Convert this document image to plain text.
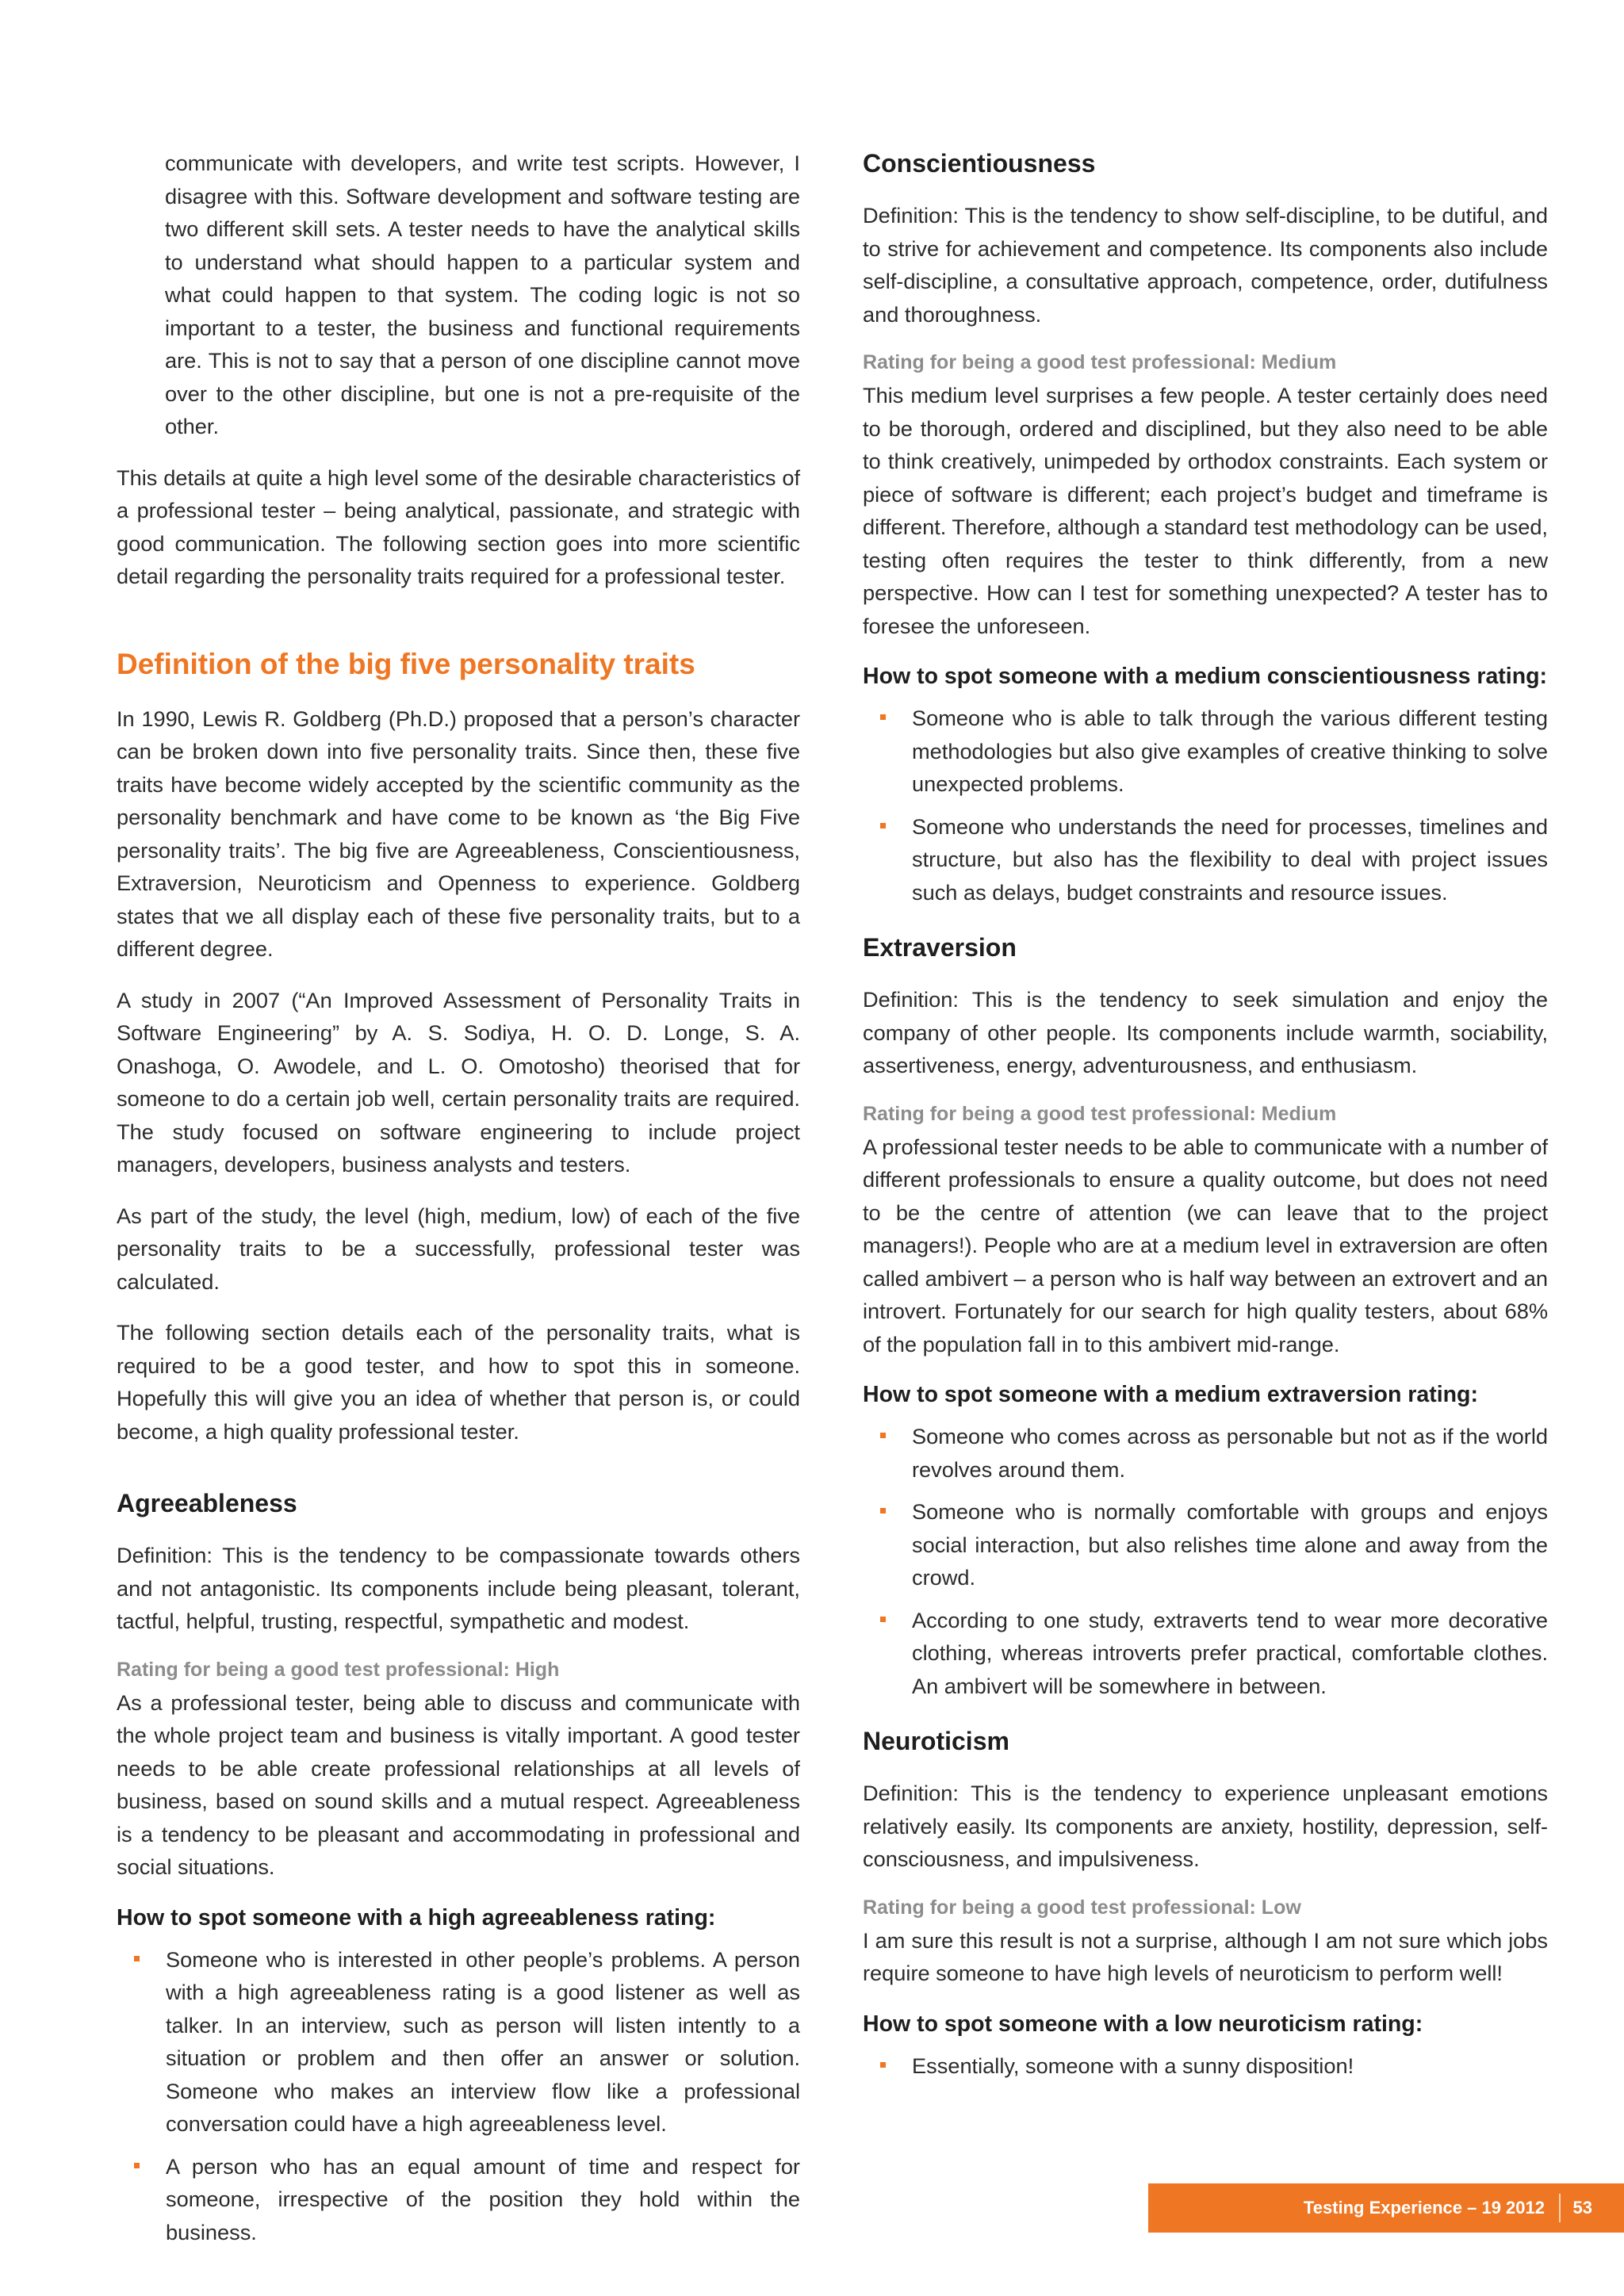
communicate with developers, and write test scripts. However, I disagree with this. Software development and software testing are two different skill sets. A tester needs to have the analytical skills to understand what should happen to a particular system and what could happen to that system. The coding logic is not so important to a tester, the business and functional requirements are. This is not to say that a person of one discipline cannot move over to the other discipline, but one is not a pre-requisite of the other.

This details at quite a high level some of the desirable characteristics of a professional tester – being analytical, passionate, and strategic with good communication. The following section goes into more scientific detail regarding the personality traits required for a professional tester.

Definition of the big five personality traits

In 1990, Lewis R. Goldberg (Ph.D.) proposed that a person’s character can be broken down into five personality traits. Since then, these five traits have become widely accepted by the scientific community as the personality benchmark and have come to be known as ‘the Big Five personality traits’. The big five are Agreeableness, Conscientiousness, Extraversion, Neuroticism and Openness to experience. Goldberg states that we all display each of these five personality traits, but to a different degree.

A study in 2007 (“An Improved Assessment of Personality Traits in Software Engineering” by A. S. Sodiya, H. O. D. Longe, S. A. Onashoga, O. Awodele, and L. O. Omotosho) theorised that for someone to do a certain job well, certain personality traits are required. The study focused on software engineering to include project managers, developers, business analysts and testers.

As part of the study, the level (high, medium, low) of each of the five personality traits to be a successfully, professional tester was calculated.

The following section details each of the personality traits, what is required to be a good tester, and how to spot this in someone. Hopefully this will give you an idea of whether that person is, or could become, a high quality professional tester.

Agreeableness

Definition: This is the tendency to be compassionate towards others and not antagonistic. Its components include being pleasant, tolerant, tactful, helpful, trusting, respectful, sympathetic and modest.

Rating for being a good test professional: High

As a professional tester, being able to discuss and communicate with the whole project team and business is vitally important. A good tester needs to be able create professional relationships at all levels of business, based on sound skills and a mutual respect. Agreeableness is a tendency to be pleasant and accommodating in professional and social situations.

How to spot someone with a high agreeableness rating:

Someone who is interested in other people’s problems. A person with a high agreeableness rating is a good listener as well as talker. In an interview, such as person will listen intently to a situation or problem and then offer an answer or solution. Someone who makes an interview flow like a professional conversation could have a high agreeableness level.

A person who has an equal amount of time and respect for someone, irrespective of the position they hold within the business.

Conscientiousness

Definition: This is the tendency to show self-discipline, to be dutiful, and to strive for achievement and competence. Its components also include self-discipline, a consultative approach, competence, order, dutifulness and thoroughness.

Rating for being a good test professional: Medium

This medium level surprises a few people. A tester certainly does need to be thorough, ordered and disciplined, but they also need to be able to think creatively, unimpeded by orthodox constraints. Each system or piece of software is different; each project’s budget and timeframe is different. Therefore, although a standard test methodology can be used, testing often requires the tester to think differently, from a new perspective. How can I test for something unexpected? A tester has to foresee the unforeseen.

How to spot someone with a medium conscientiousness rating:

Someone who is able to talk through the various different testing methodologies but also give examples of creative thinking to solve unexpected problems.

Someone who understands the need for processes, timelines and structure, but also has the flexibility to deal with project issues such as delays, budget constraints and resource issues.

Extraversion

Definition: This is the tendency to seek simulation and enjoy the company of other people. Its components include warmth, sociability, assertiveness, energy, adventurousness, and enthusiasm.

Rating for being a good test professional: Medium

A professional tester needs to be able to communicate with a number of different professionals to ensure a quality outcome, but does not need to be the centre of attention (we can leave that to the project managers!). People who are at a medium level in extraversion are often called ambivert – a person who is half way between an extrovert and an introvert. Fortunately for our search for high quality testers, about 68% of the population fall in to this ambivert mid-range.

How to spot someone with a medium extraversion rating:

Someone who comes across as personable but not as if the world revolves around them.

Someone who is normally comfortable with groups and enjoys social interaction, but also relishes time alone and away from the crowd.

According to one study, extraverts tend to wear more decorative clothing, whereas introverts prefer practical, comfortable clothes. An ambivert will be somewhere in between.

Neuroticism

Definition: This is the tendency to experience unpleasant emotions relatively easily. Its components are anxiety, hostility, depression, self-consciousness, and impulsiveness.

Rating for being a good test professional: Low

I am sure this result is not a surprise, although I am not sure which jobs require someone to have high levels of neuroticism to perform well!

How to spot someone with a low neuroticism rating:

Essentially, someone with a sunny disposition!

Testing Experience – 19 2012 53
